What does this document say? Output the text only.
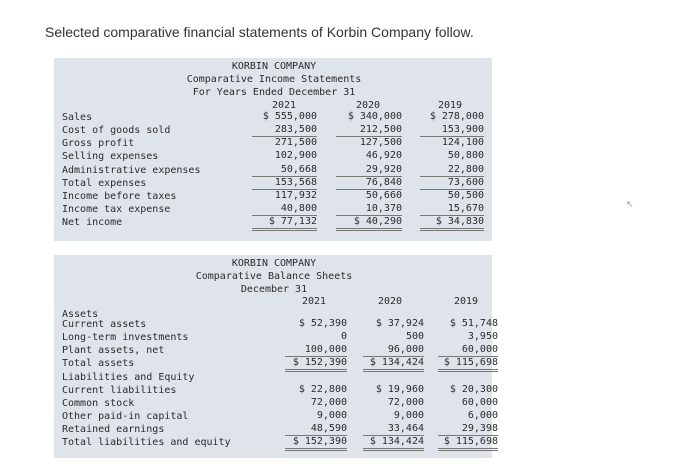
Selected comparative financial statements of Korbin Company follow.
KORBIN COMPANY
Comparative Income Statements
For Years Ended December 31
2021	2020	2019
Sales	$ 555,000	$ 340,000	$ 278,000
Cost of goods sold	283,500	212,500	153,900
Gross profit	271,500	127,500	124,100
Selling expenses	102,900	46,920	50,800
Administrative expenses	50,668	29,920	22,800
Total expenses	153,568	76,840	73,600
Income before taxes	117,932	50,660	50,500
Income tax expense	40,800	10,370	15,670
Net income	$ 77,132	$ 40,290	$ 34,830
KORBIN COMPANY
Comparative Balance Sheets
December 31
2021	2020	2019
Assets
Current assets	$ 52,390	$ 37,924	$ 51,748
Long-term investments	0	500	3,950
Plant assets, net	100,000	96,000	60,000
Total assets	$ 152,390	$ 134,424	$ 115,698
Liabilities and Equity
Current liabilities	$ 22,800	$ 19,960	$ 20,300
Common stock	72,000	72,000	60,000
Other paid-in capital	9,000	9,000	6,000
Retained earnings	48,590	33,464	29,398
Total liabilities and equity	$ 152,390	$ 134,424	$ 115,698
↖
